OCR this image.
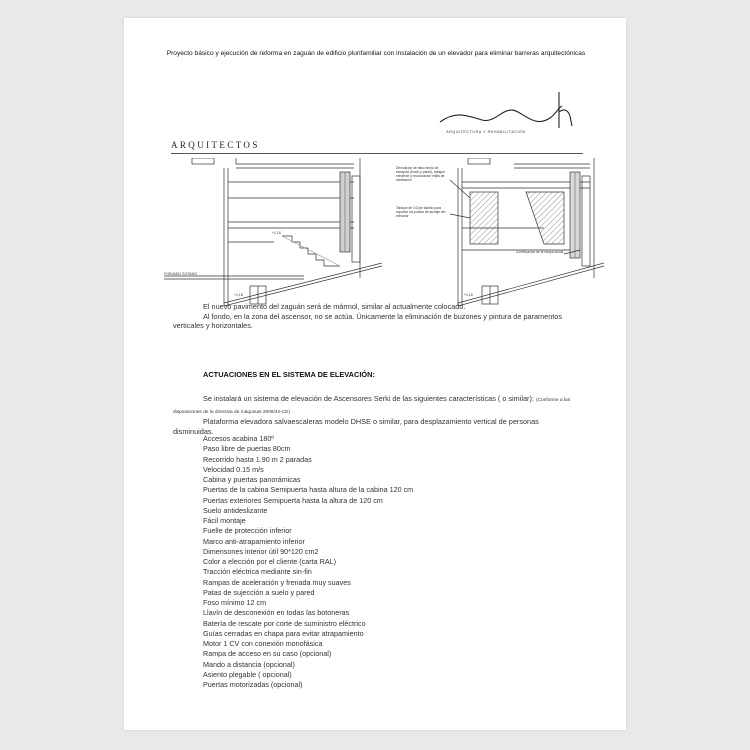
Proyecto básico y ejecución de reforma en zaguán de edificio plurifamiliar con instalación de un elevador para eliminar barreras arquitectónicas
ARQUITECTURA Y REHABILITACIÓN
ARQUITECTOS
FORJADO SOTANO
+1,18
+1,18
Demolición de falso techo de escayola (fondo y pared), tabique existente y recolocación rejilla de ventilación
Tabique de 1/2 pie ladrillo para soportar los puntos de anclaje del elevador
Continuación de la rampa actual
+1,18

El nuevo pavimento del zaguán será de mármol, similar al actualmente colocado.

Al fondo, en la zona del ascensor, no se actúa. Únicamente la eliminación de buzones y pintura de paramentos verticales y horizontales.

ACTUACIONES EN EL SISTEMA DE ELEVACIÓN:

Se instalará un sistema de elevación de Ascensores Serki de las siguientes características ( o similar): (Conforme a las disposiciones de la directiva de máquinas 2006/42-CE)

Plataforma elevadora salvaescaleras modelo DHSE o similar, para desplazamiento vertical de personas disminuidas.

Accesos acabina 180º
Paso libre de puertas 80cm
Recorrido hasta 1.90 m 2 paradas
Velocidad 0.15 m/s
Cabina y puertas panorámicas
Puertas de la cabina Semipuerta hasta altura de la cabina 120 cm
Puertas exteriores Semipuerta hasta la altura de 120 cm
Suelo antideslizante
Fácil montaje
Fuelle de protección inferior
Marco anti-atrapamiento inferior
Dimensones interior útil 90*120 cm2
Color a elección por el cliente (carta RAL)
Tracción eléctrica mediante sin-fin
Rampas de aceleración y frenada muy suaves
Patas de sujección a suelo y pared
Foso mínimo 12 cm
Llavín de desconexión en todas las botoneras
Batería de rescate por corte de suministro eléctrico
Guías cerradas en chapa para evitar atrapamiento
Motor 1 CV con conexión monofásica
Rampa de acceso en su caso (opcional)
Mando a distancia (opcional)
Asiento plegable ( opcional)
Puertas motorizadas (opcional)
